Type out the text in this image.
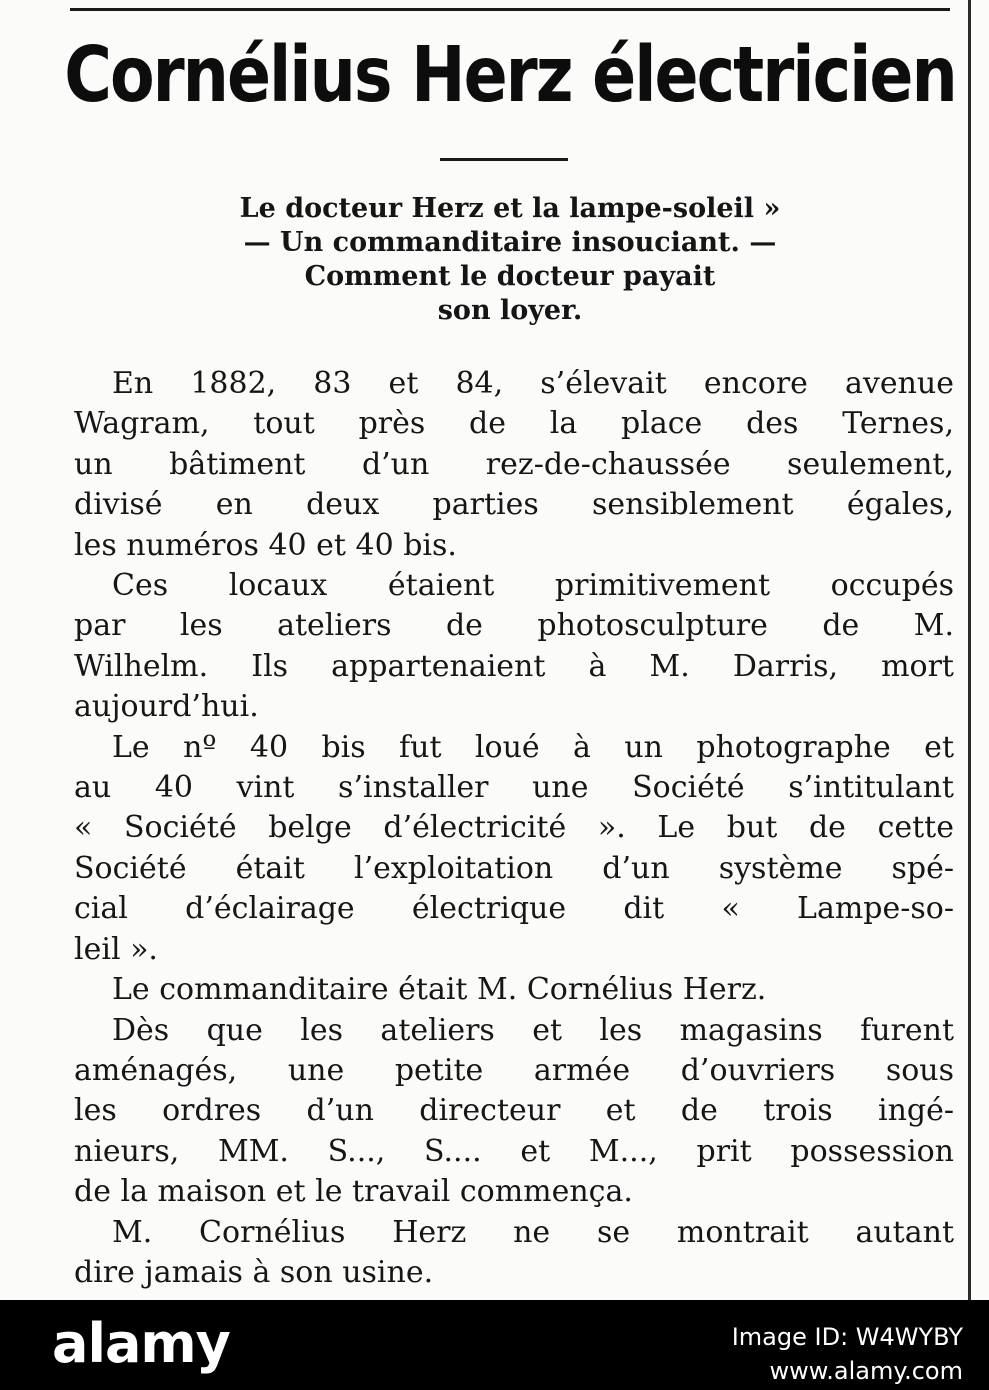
Cornélius Herz électricien
Le docteur Herz et la lampe-soleil »
— Un commanditaire insouciant. —
Comment le docteur payait
son loyer.
En 1882, 83 et 84, s’élevait encore avenue
Wagram, tout près de la place des Ternes,
un bâtiment d’un rez-de-chaussée seulement,
divisé en deux parties sensiblement égales,
les numéros 40 et 40 bis.
Ces locaux étaient primitivement occupés
par les ateliers de photosculpture de M.
Wilhelm. Ils appartenaient à M. Darris, mort
aujourd’hui.
Le nº 40 bis fut loué à un photographe et
au 40 vint s’installer une Société s’intitulant
« Société belge d’électricité ». Le but de cette
Société était l’exploitation d’un système spé-
cial d’éclairage électrique dit « Lampe-so-
leil ».
Le commanditaire était M. Cornélius Herz.
Dès que les ateliers et les magasins furent
aménagés, une petite armée d’ouvriers sous
les ordres d’un directeur et de trois ingé-
nieurs, MM. S..., S.... et M..., prit possession
de la maison et le travail commença.
M. Cornélius Herz ne se montrait autant
dire jamais à son usine.
alamy	Image ID: W4WYBY
www.alamy.com
